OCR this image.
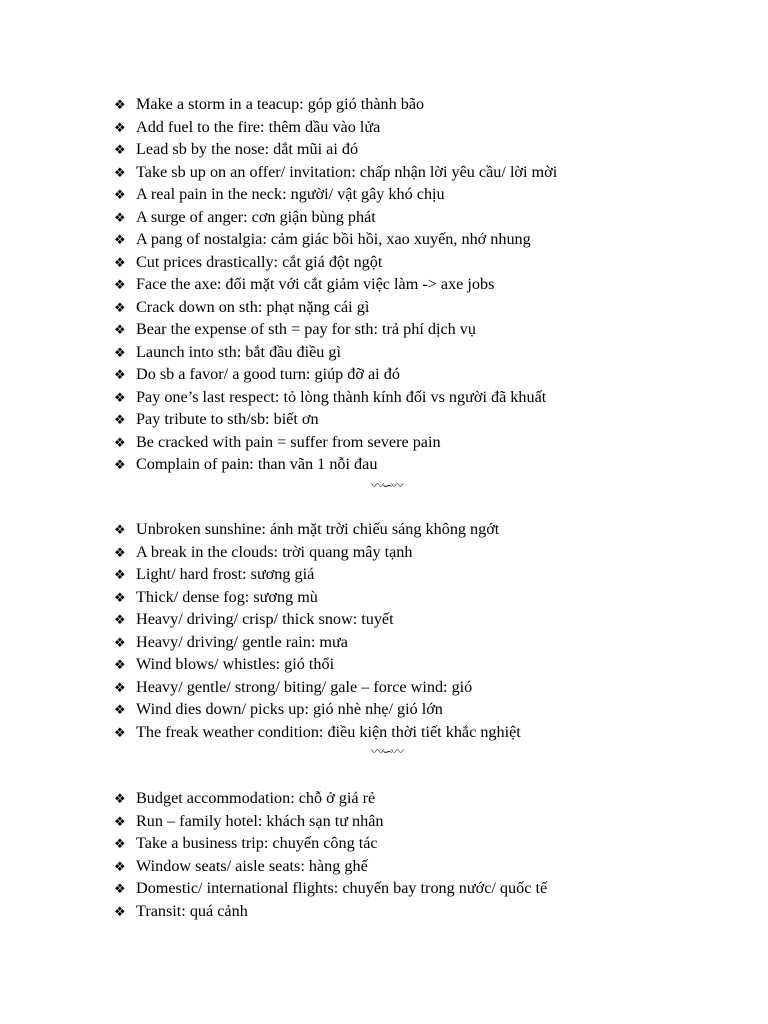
❖ Make a storm in a teacup: góp gió thành bão
❖ Add fuel to the fire: thêm dầu vào lửa
❖ Lead sb by the nose: dắt mũi ai đó
❖ Take sb up on an offer/ invitation: chấp nhận lời yêu cầu/ lời mời
❖ A real pain in the neck: người/ vật gây khó chịu
❖ A surge of anger: cơn giận bùng phát
❖ A pang of nostalgia: cảm giác bồi hồi, xao xuyến, nhớ nhung
❖ Cut prices drastically: cắt giá đột ngột
❖ Face the axe: đối mặt với cắt giảm việc làm -> axe jobs
❖ Crack down on sth: phạt nặng cái gì
❖ Bear the expense of sth = pay for sth: trả phí dịch vụ
❖ Launch into sth: bắt đầu điều gì
❖ Do sb a favor/ a good turn: giúp đỡ ai đó
❖ Pay one’s last respect: tỏ lòng thành kính đối vs người đã khuất
❖ Pay tribute to sth/sb: biết ơn
❖ Be cracked with pain = suffer from severe pain
❖ Complain of pain: than vãn 1 nỗi đau
〰∽〰
❖ Unbroken sunshine: ánh mặt trời chiếu sáng không ngớt
❖ A break in the clouds: trời quang mây tạnh
❖ Light/ hard frost: sương giá
❖ Thick/ dense fog: sương mù
❖ Heavy/ driving/ crisp/ thick snow: tuyết
❖ Heavy/ driving/ gentle rain: mưa
❖ Wind blows/ whistles: gió thổi
❖ Heavy/ gentle/ strong/ biting/ gale – force wind: gió
❖ Wind dies down/ picks up: gió nhè nhẹ/ gió lớn
❖ The freak weather condition: điều kiện thời tiết khắc nghiệt
〰∽〰
❖ Budget accommodation: chỗ ở giá rẻ
❖ Run – family hotel: khách sạn tư nhân
❖ Take a business trip: chuyến công tác
❖ Window seats/ aisle seats: hàng ghế
❖ Domestic/ international flights: chuyến bay trong nước/ quốc tế
❖ Transit: quá cảnh
